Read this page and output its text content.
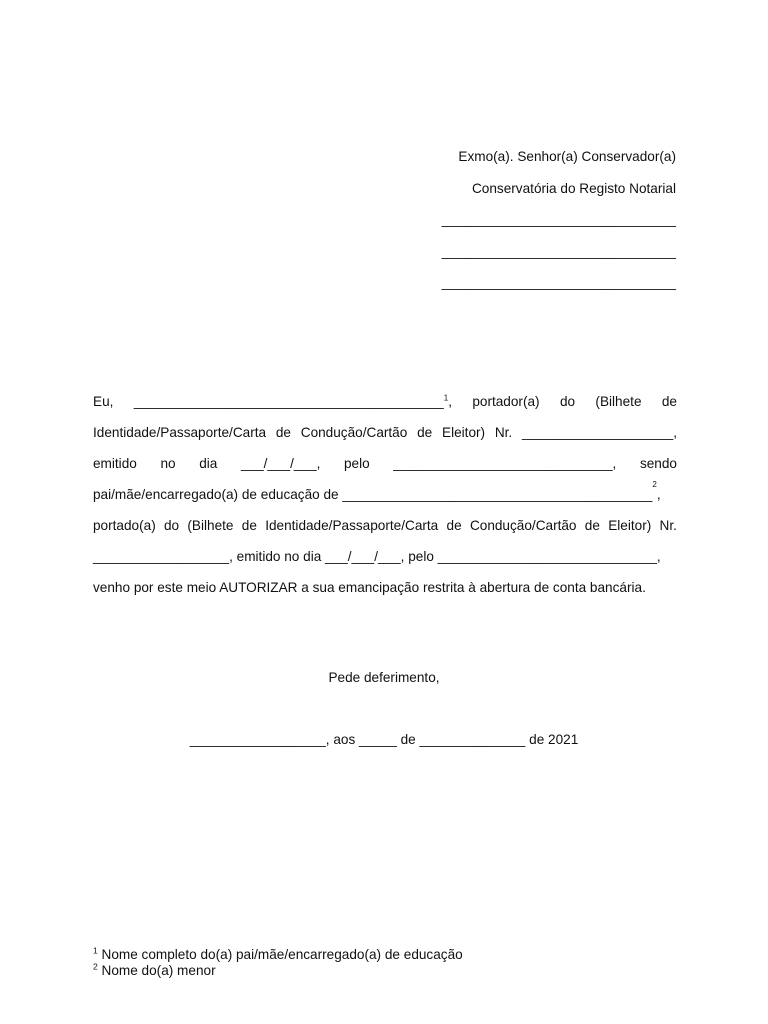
Exmo(a). Senhor(a) Conservador(a)
Conservatória do Registo Notarial
_______________________________
_______________________________
_______________________________
Eu, _________________________________________$^1$, portador(a) do (Bilhete de
Identidade/Passaporte/Carta de Condução/Cartão de Eleitor) Nr. ____________________,
emitido no dia ___/___/___, pelo _____________________________, sendo
pai/mãe/encarregado(a) de educação de _________________________________________
2
,
portado(a) do (Bilhete de Identidade/Passaporte/Carta de Condução/Cartão de Eleitor) Nr.
__________________, emitido no dia ___/___/___, pelo _____________________________,
venho por este meio AUTORIZAR a sua emancipação restrita à abertura de conta bancária.
Pede deferimento,
__________________, aos _____ de ______________ de 2021
$^1$ Nome completo do(a) pai/mãe/encarregado(a) de educação
$^2$ Nome do(a) menor
